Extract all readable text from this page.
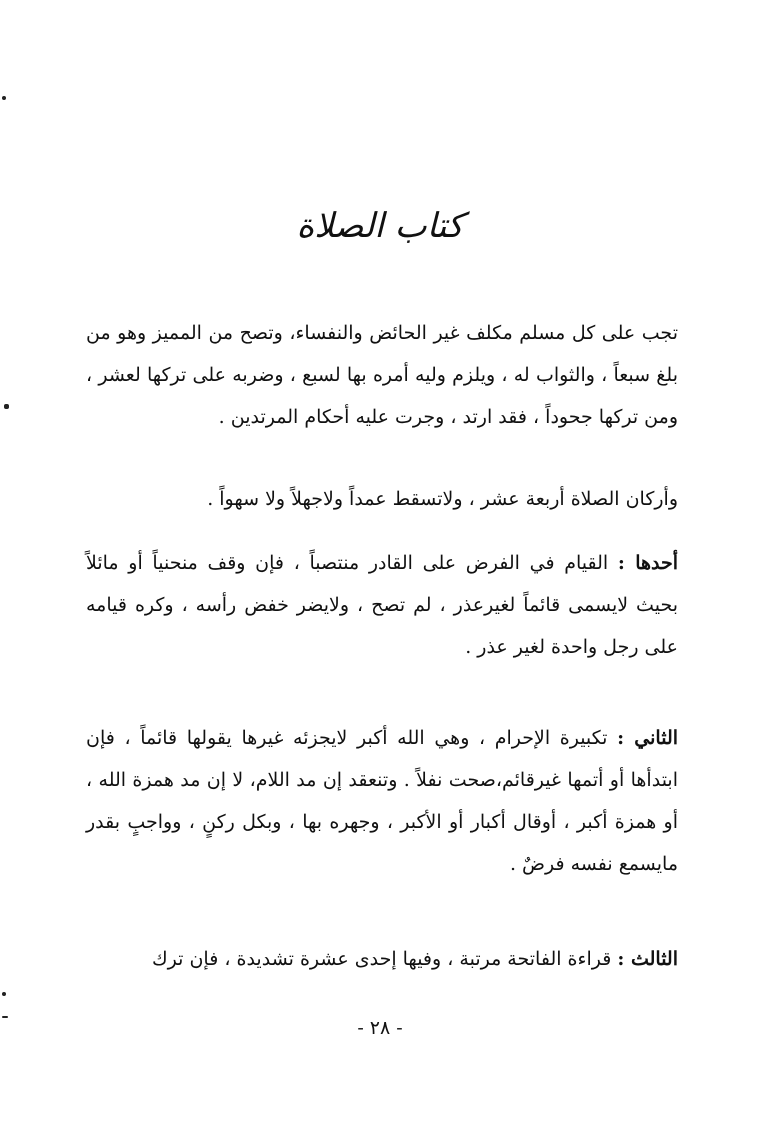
كتاب الصلاة

تجب على كل مسلم مكلف غير الحائض والنفساء، وتصح من المميز وهو من بلغ سبعاً ، والثواب له ، ويلزم وليه أمره بها لسبع ، وضربه على تركها لعشر ، ومن تركها جحوداً ، فقد ارتد ، وجرت عليه أحكام المرتدين .

وأركان الصلاة أربعة عشر ، ولاتسقط عمداً ولاجهلاً ولا سهواً .

أحدها : القيام في الفرض على القادر منتصباً ، فإن وقف منحنياً أو مائلاً بحيث لايسمى قائماً لغيرعذر ، لم تصح ، ولايضر خفض رأسه ، وكره قيامه على رجل واحدة لغير عذر .

الثاني : تكبيرة الإحرام ، وهي الله أكبر لايجزئه غيرها يقولها قائماً ، فإن ابتدأها أو أتمها غيرقائم،صحت نفلاً . وتنعقد إن مد اللام، لا إن مد همزة الله ، أو همزة أكبر ، أوقال أكبار أو الأكبر ، وجهره بها ، وبكل ركنٍ ، وواجبٍ بقدر مايسمع نفسه فرضٌ .

الثالث : قراءة الفاتحة مرتبة ، وفيها إحدى عشرة تشديدة ، فإن ترك

- ٢٨ -
